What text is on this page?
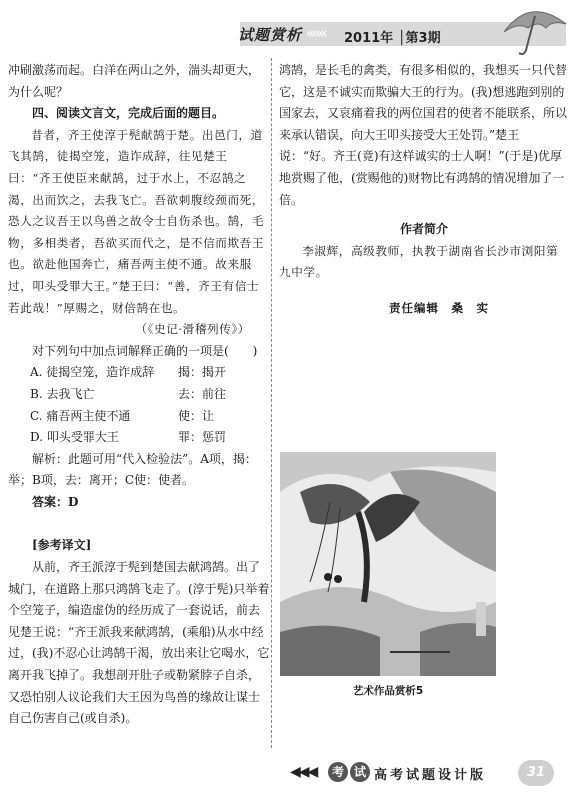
试题赏析 ««« 2011年 │第3期

冲刷激荡而起。白洋在两山之外，湍头却更大，为什么呢？

四、阅读文言文，完成后面的题目。

昔者，齐王使淳于髡献鹄于楚。出邑门，道飞其鹄，徒揭空笼，造诈成辞，往见楚王曰：“齐王使臣来献鹄，过于水上，不忍鹄之渴，出而饮之，去我飞亡。吾欲刺腹绞颈而死，恐人之议吾王以鸟兽之故令士自伤杀也。鹄，毛物，多相类者，吾欲买而代之，是不信而欺吾王也。欲赴他国奔亡，痛吾两主使不通。故来服过，叩头受罪大王。”楚王曰：“善，齐王有信士若此哉！”厚赐之，财倍鹄在也。

（《史记·滑稽列传》）

对下列句中加点词解释正确的一项是(　　)

A. 徒揭空笼，造诈成辞 揭：揭开

B. 去我飞亡	去：前往

C. 痛吾两主使不通	使：让

D. 叩头受罪大王	罪：惩罚

解析：此题可用“代入检验法”。A项，揭：举；B项，去：离开；C使：使者。

答案：D

[参考译文]

从前，齐王派淳于髡到楚国去献鸿鹄。出了城门，在道路上那只鸿鹄飞走了。(淳于髡)只举着个空笼子，编造虚伪的经历成了一套说话，前去见楚王说：“齐王派我来献鸿鹄，(乘船)从水中经过，(我)不忍心让鸿鹄干渴，放出来让它喝水，它离开我飞掉了。我想剖开肚子或勒紧脖子自杀，又恐怕别人议论我们大王因为鸟兽的缘故让谋士自己伤害自己(或自杀)。

鸿鹄，是长毛的禽类，有很多相似的，我想买一只代替它，这是不诚实而欺骗大王的行为。(我)想逃跑到别的国家去，又哀痛着我的两位国君的使者不能联系，所以来承认错误，向大王叩头接受大王处罚。”楚王说：“好。齐王(竟)有这样诚实的士人啊！”(于是)优厚地赏赐了他，(赏赐他的)财物比有鸿鹄的情况增加了一倍。

作者简介

李淑辉，高级教师，执教于湖南省长沙市浏阳第九中学。

责任编辑　桑　实

艺术作品赏析5
◀◀◀	考 试 高考试题设计版	31
